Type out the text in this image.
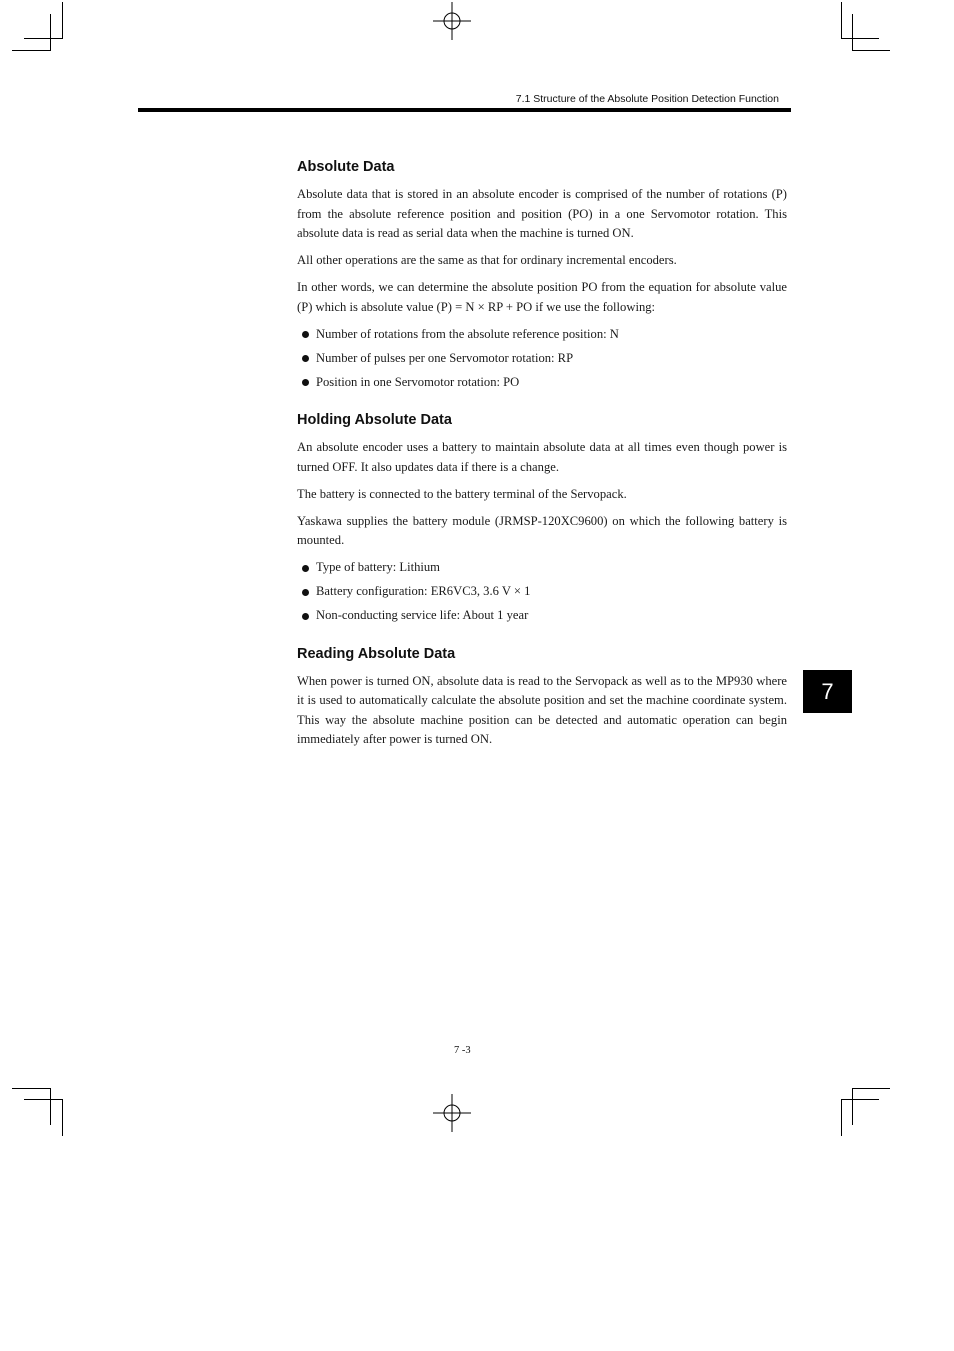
7.1 Structure of the Absolute Position Detection Function
Absolute Data

Absolute data that is stored in an absolute encoder is comprised of the number of rotations (P) from the absolute reference position and position (PO) in a one Servomotor rotation. This absolute data is read as serial data when the machine is turned ON.

All other operations are the same as that for ordinary incremental encoders.

In other words, we can determine the absolute position PO from the equation for absolute value (P) which is absolute value (P) = N × RP + PO if we use the following:

Number of rotations from the absolute reference position: N
Number of pulses per one Servomotor rotation: RP
Position in one Servomotor rotation: PO
Holding Absolute Data

An absolute encoder uses a battery to maintain absolute data at all times even though power is turned OFF. It also updates data if there is a change.

The battery is connected to the battery terminal of the Servopack.

Yaskawa supplies the battery module (JRMSP-120XC9600) on which the following battery is mounted.

Type of battery: Lithium
Battery configuration: ER6VC3, 3.6 V × 1
Non-conducting service life: About 1 year
Reading Absolute Data

When power is turned ON, absolute data is read to the Servopack as well as to the MP930 where it is used to automatically calculate the absolute position and set the machine coordinate system. This way the absolute machine position can be detected and automatic operation can begin immediately after power is turned ON.

7
7 -3
